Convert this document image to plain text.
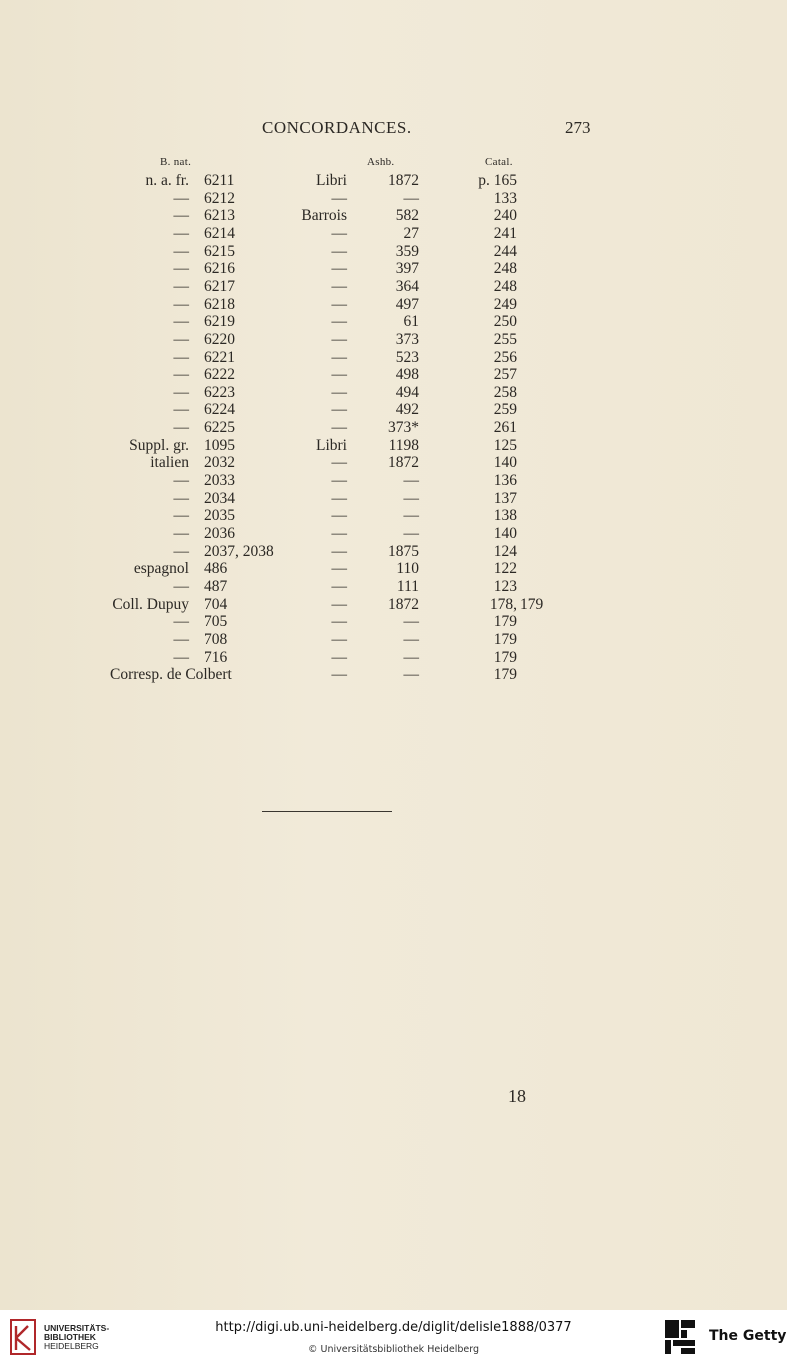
CONCORDANCES.	273
B. nat.	Ashb.	Catal.
n. a. fr. 6211	Libri	1872	p. 165
— 6212	—	—	133
— 6213	Barrois	582	240
— 6214	—	27	241
— 6215	—	359	244
— 6216	—	397	248
— 6217	—	364	248
— 6218	—	497	249
— 6219	—	61	250
— 6220	—	373	255
— 6221	—	523	256
— 6222	—	498	257
— 6223	—	494	258
— 6224	—	492	259
— 6225	—	373*	261
Suppl. gr. 1095	Libri	1198	125
italien 2032	—	1872	140
— 2033	—	—	136
— 2034	—	—	137
— 2035	—	—	138
— 2036	—	—	140
— 2037, 2038	—	1875	124
espagnol 486	—	110	122
— 487	—	111	123
Coll. Dupuy 704	—	1872	178, 179
— 705	—	—	179
— 708	—	—	179
— 716	—	—	179
Corresp. de Colbert	—	—	179
18
UNIVERSITÄTS-
BIBLIOTHEK
HEIDELBERG
http://digi.ub.uni-heidelberg.de/diglit/delisle1888/0377
© Universitätsbibliothek Heidelberg
The Getty
